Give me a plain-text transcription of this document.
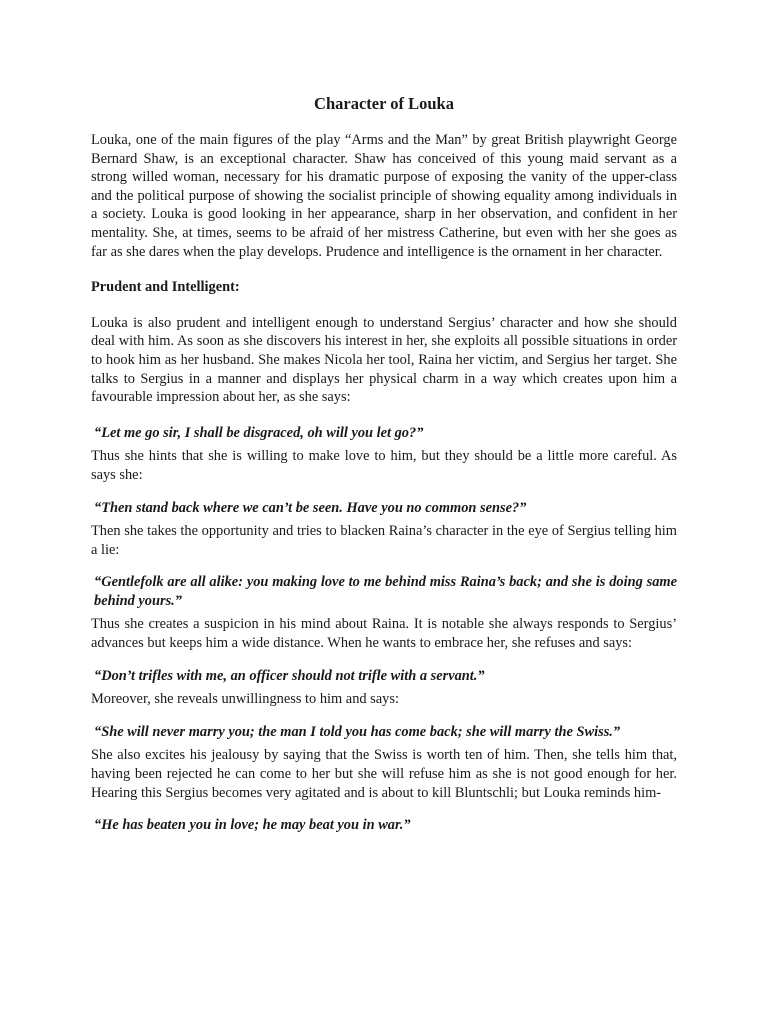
Character of Louka

Louka, one of the main figures of the play “Arms and the Man” by great British playwright George Bernard Shaw, is an exceptional character. Shaw has conceived of this young maid servant as a strong willed woman, necessary for his dramatic purpose of exposing the vanity of the upper-class and the political purpose of showing the socialist principle of showing equality among individuals in a society. Louka is good looking in her appearance, sharp in her observation, and confident in her mentality. She, at times, seems to be afraid of her mistress Catherine, but even with her she goes as far as she dares when the play develops. Prudence and intelligence is the ornament in her character.

Prudent and Intelligent:

Louka is also prudent and intelligent enough to understand Sergius’ character and how she should deal with him. As soon as she discovers his interest in her, she exploits all possible situations in order to hook him as her husband. She makes Nicola her tool, Raina her victim, and Sergius her target. She talks to Sergius in a manner and displays her physical charm in a way which creates upon him a favourable impression about her, as she says:

“Let me go sir, I shall be disgraced, oh will you let go?”

Thus she hints that she is willing to make love to him, but they should be a little more careful. As says she:

“Then stand back where we can’t be seen. Have you no common sense?”

Then she takes the opportunity and tries to blacken Raina’s character in the eye of Sergius telling him a lie:

“Gentlefolk are all alike: you making love to me behind miss Raina’s back; and she is doing same behind yours.”

Thus she creates a suspicion in his mind about Raina. It is notable she always responds to Sergius’ advances but keeps him a wide distance. When he wants to embrace her, she refuses and says:

“Don’t trifles with me, an officer should not trifle with a servant.”

Moreover, she reveals unwillingness to him and says:

“She will never marry you; the man I told you has come back; she will marry the Swiss.”

She also excites his jealousy by saying that the Swiss is worth ten of him. Then, she tells him that, having been rejected he can come to her but she will refuse him as she is not good enough for her. Hearing this Sergius becomes very agitated and is about to kill Bluntschli; but Louka reminds him-

“He has beaten you in love; he may beat you in war.”
